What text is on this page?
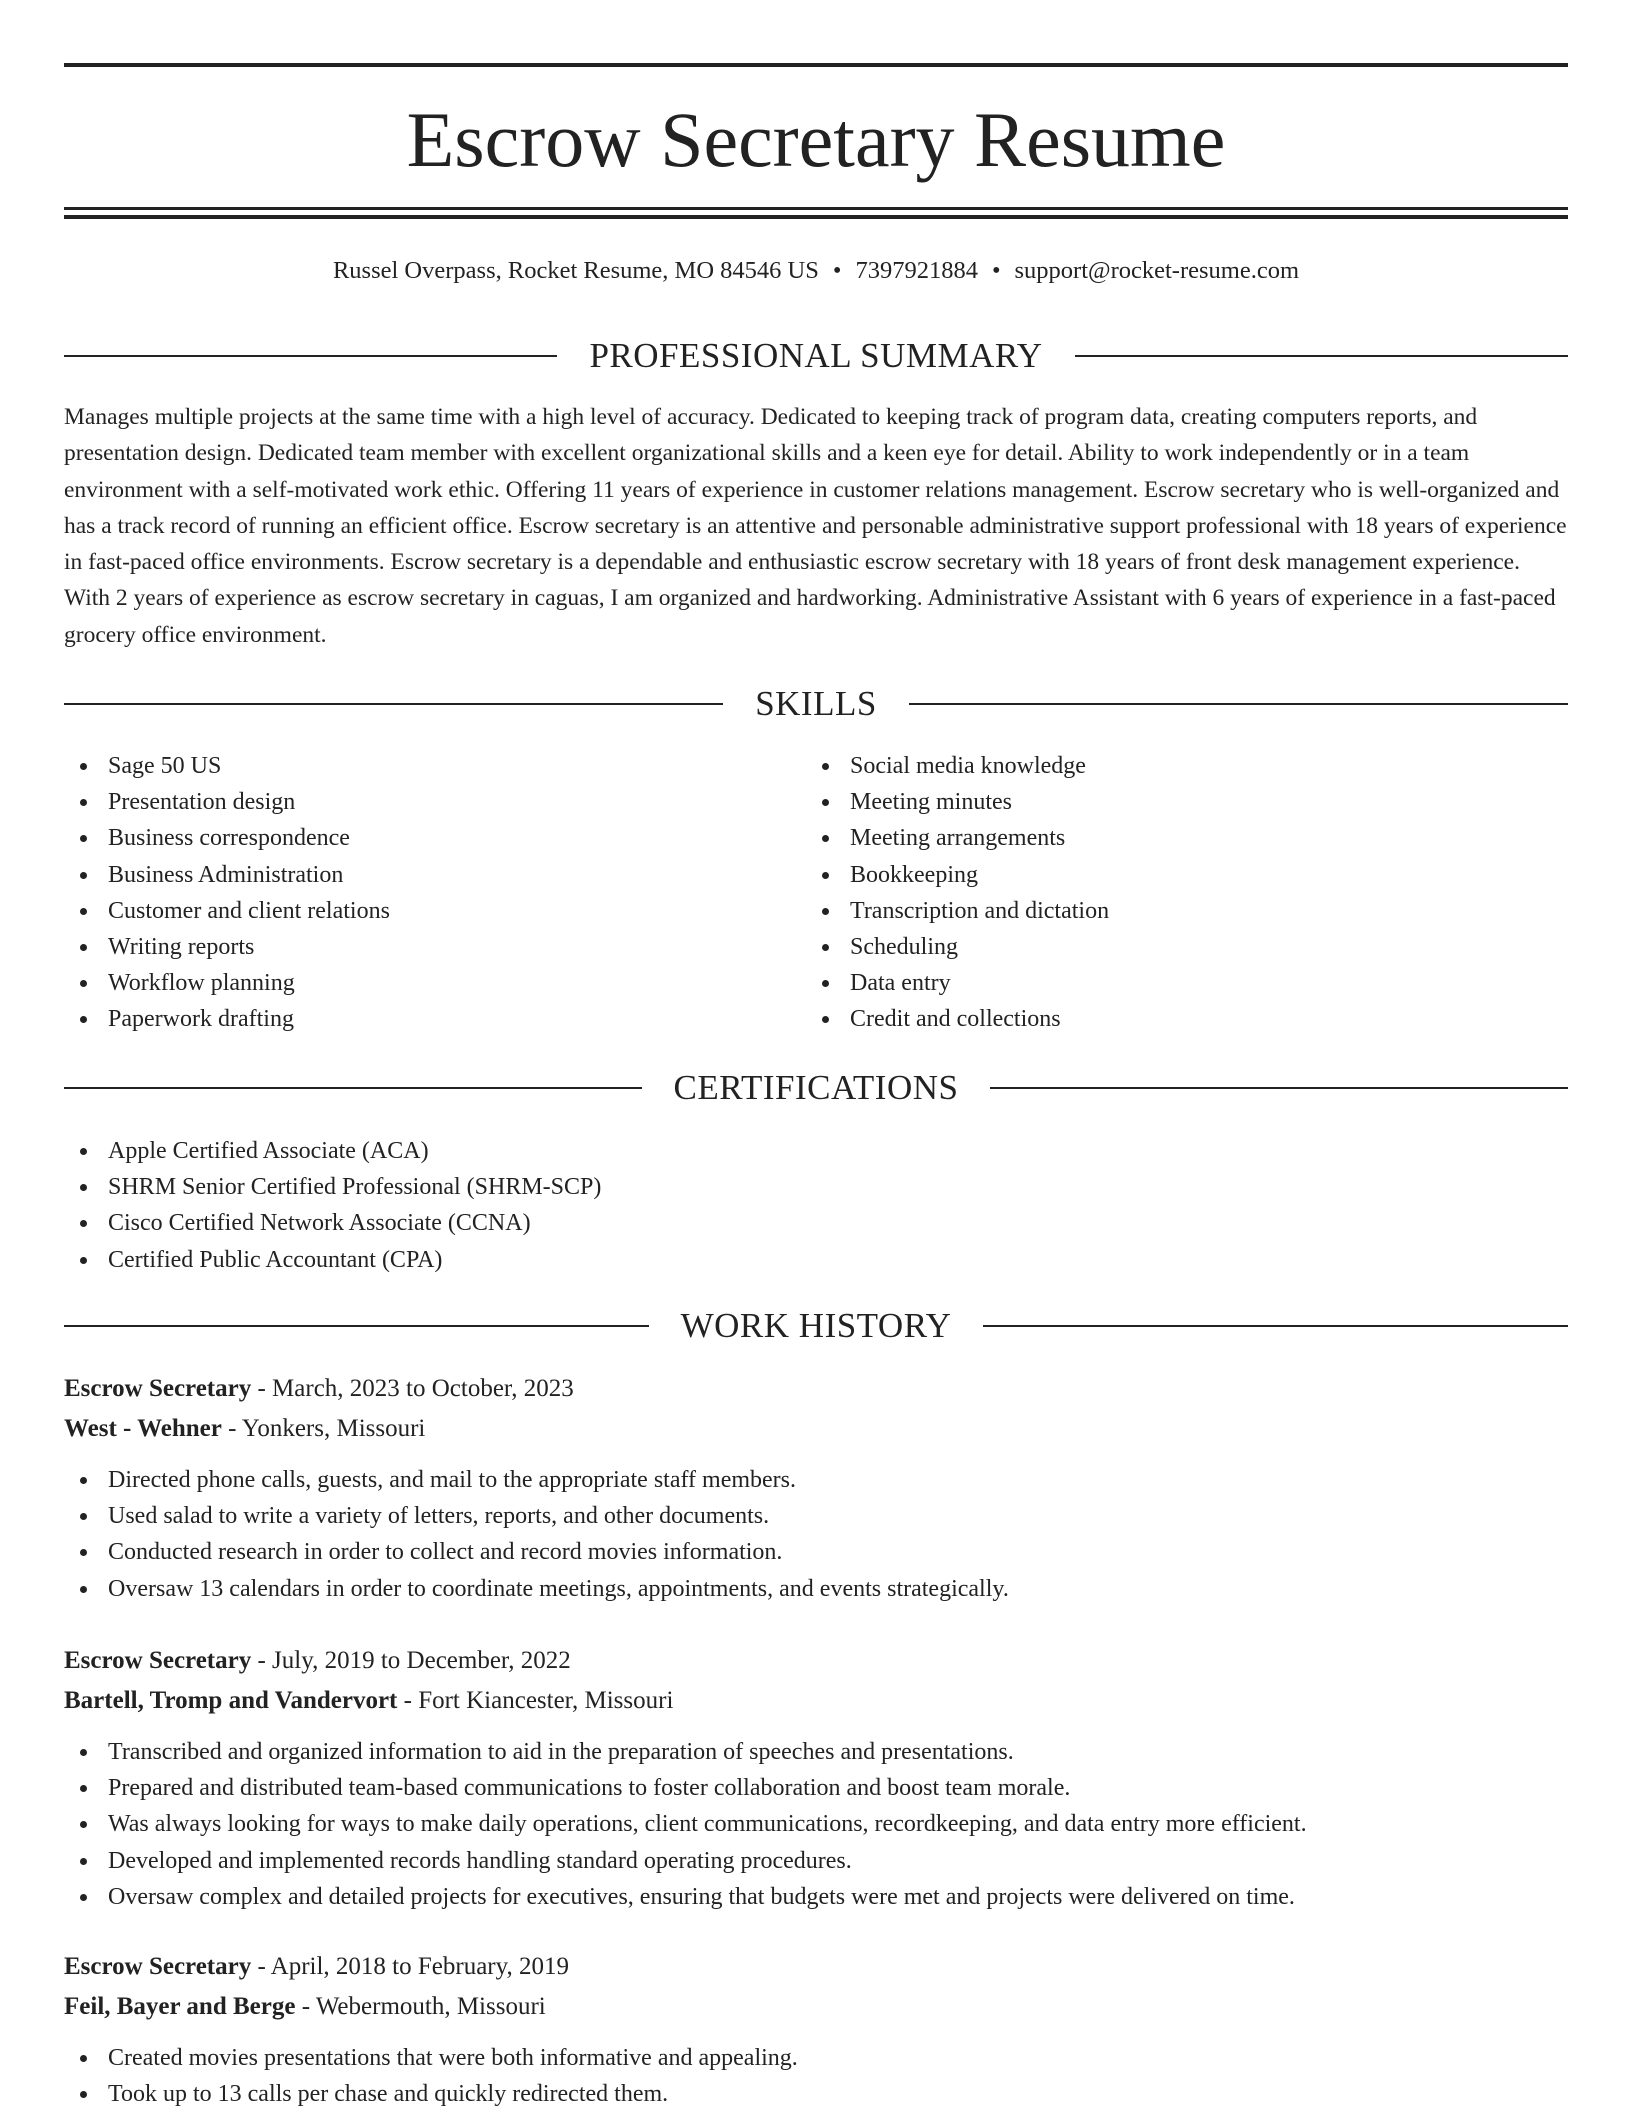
Escrow Secretary Resume
Russel Overpass, Rocket Resume, MO 84546 US • 7397921884 • support@rocket-resume.com
PROFESSIONAL SUMMARY

Manages multiple projects at the same time with a high level of accuracy. Dedicated to keeping track of program data, creating computers reports, and presentation design. Dedicated team member with excellent organizational skills and a keen eye for detail. Ability to work independently or in a team environment with a self-motivated work ethic. Offering 11 years of experience in customer relations management. Escrow secretary who is well-organized and has a track record of running an efficient office. Escrow secretary is an attentive and personable administrative support professional with 18 years of experience in fast-paced office environments. Escrow secretary is a dependable and enthusiastic escrow secretary with 18 years of front desk management experience. With 2 years of experience as escrow secretary in caguas, I am organized and hardworking. Administrative Assistant with 6 years of experience in a fast-paced grocery office environment.

SKILLS
Sage 50 US
Presentation design
Business correspondence
Business Administration
Customer and client relations
Writing reports
Workflow planning
Paperwork drafting
Social media knowledge
Meeting minutes
Meeting arrangements
Bookkeeping
Transcription and dictation
Scheduling
Data entry
Credit and collections
CERTIFICATIONS
Apple Certified Associate (ACA)
SHRM Senior Certified Professional (SHRM-SCP)
Cisco Certified Network Associate (CCNA)
Certified Public Accountant (CPA)
WORK HISTORY
Escrow Secretary - March, 2023 to October, 2023
West - Wehner - Yonkers, Missouri
Directed phone calls, guests, and mail to the appropriate staff members.
Used salad to write a variety of letters, reports, and other documents.
Conducted research in order to collect and record movies information.
Oversaw 13 calendars in order to coordinate meetings, appointments, and events strategically.
Escrow Secretary - July, 2019 to December, 2022
Bartell, Tromp and Vandervort - Fort Kiancester, Missouri
Transcribed and organized information to aid in the preparation of speeches and presentations.
Prepared and distributed team-based communications to foster collaboration and boost team morale.
Was always looking for ways to make daily operations, client communications, recordkeeping, and data entry more efficient.
Developed and implemented records handling standard operating procedures.
Oversaw complex and detailed projects for executives, ensuring that budgets were met and projects were delivered on time.
Escrow Secretary - April, 2018 to February, 2019
Feil, Bayer and Berge - Webermouth, Missouri
Created movies presentations that were both informative and appealing.
Took up to 13 calls per chase and quickly redirected them.
